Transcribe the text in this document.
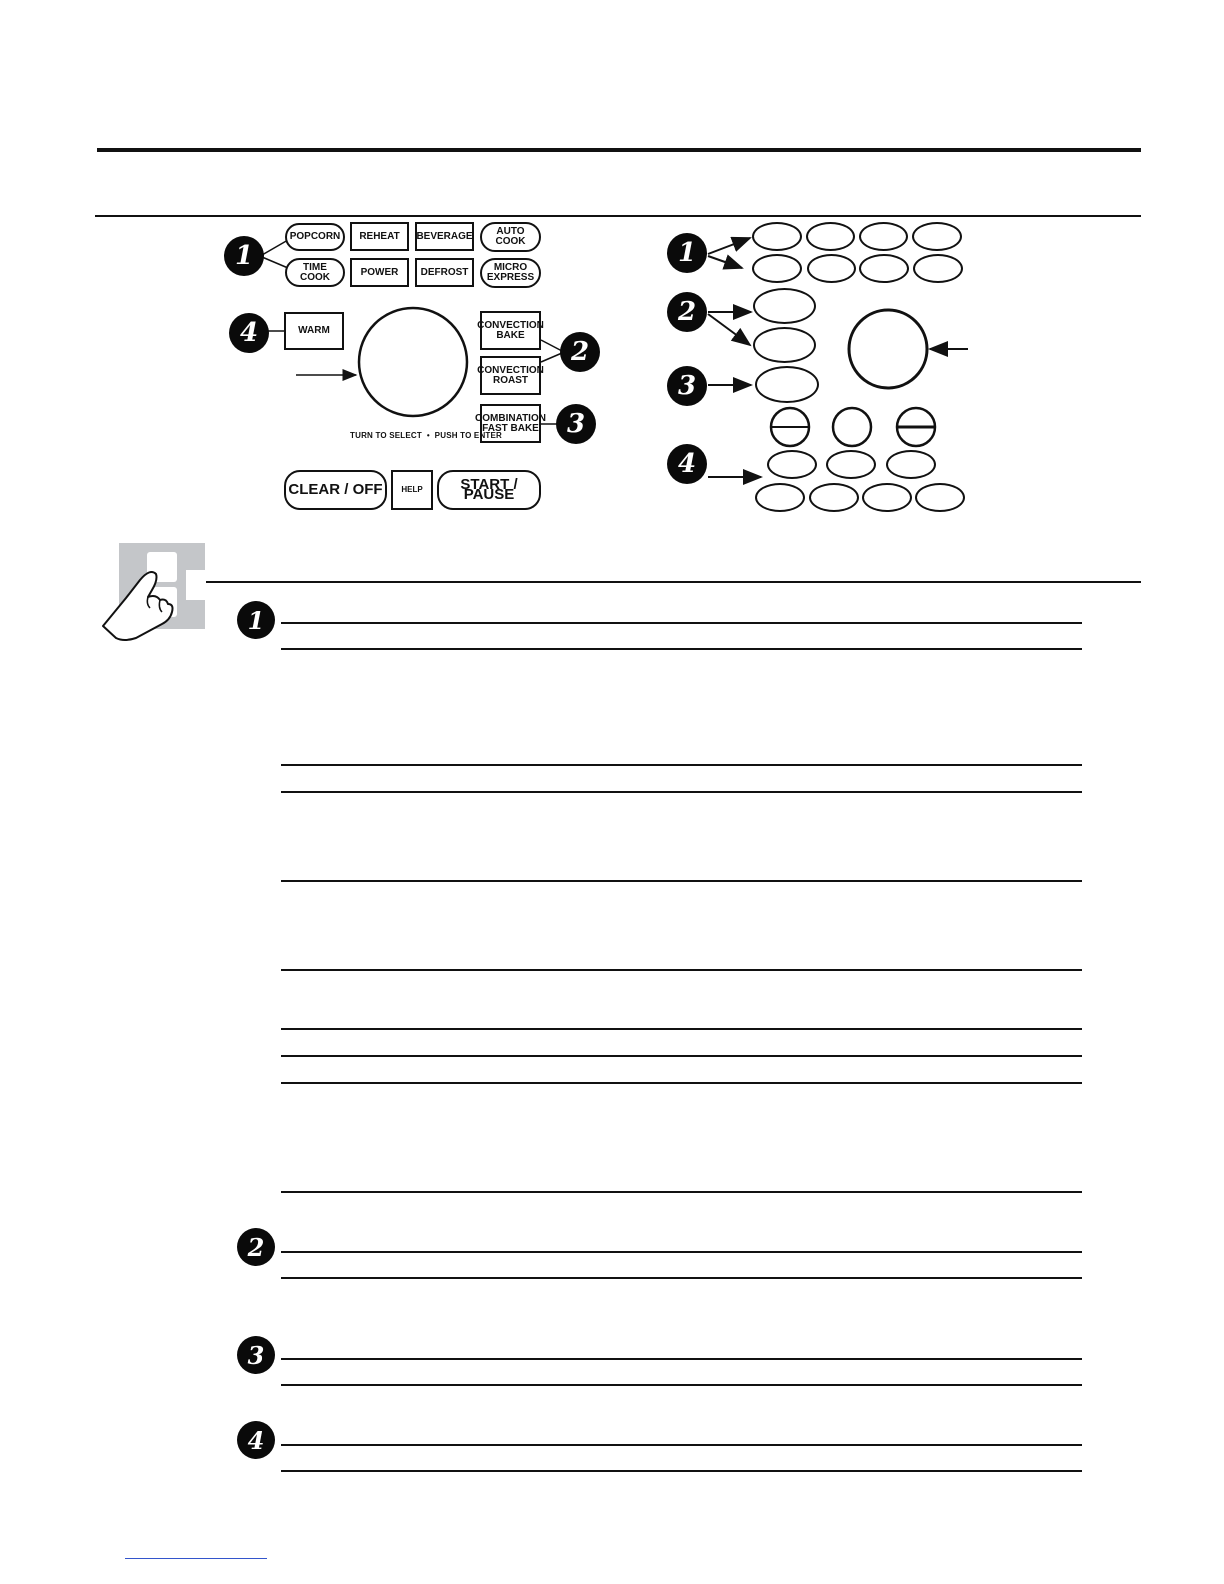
POPCORN	REHEAT	BEVERAGE	AUTO
COOK
TIME
COOK	POWER	DEFROST	MICRO
EXPRESS
WARM	CONVECTION
BAKE
CONVECTION
ROAST
COMBINATION
FAST BAKE
TURN TO SELECT  •  PUSH TO ENTER
CLEAR / OFF	HELP	START / PAUSE
1
4
2
3
1
2
3
4
1
2
3
4
